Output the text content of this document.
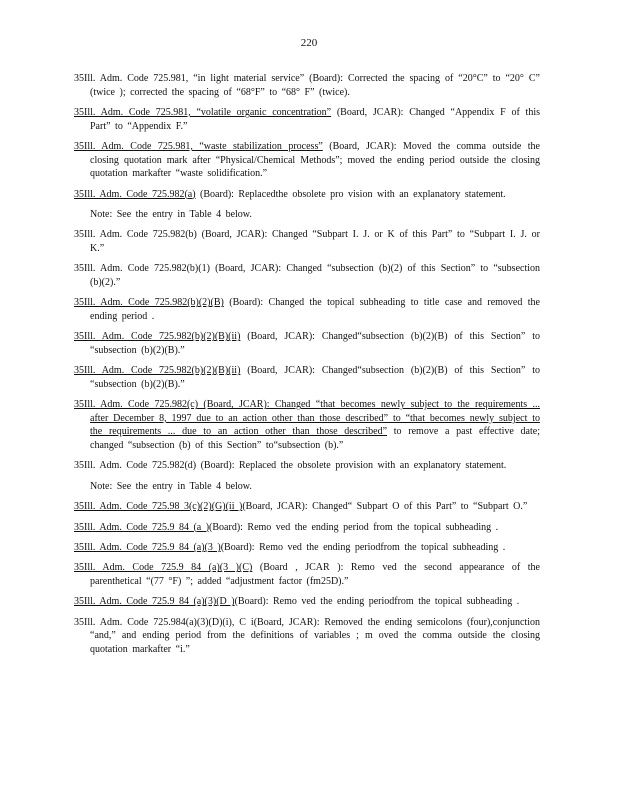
220
35Ill. Adm. Code 725.981, “in light material service” (Board): Corrected the spacing of “20°C” to “20° C” (twice ); corrected the spacing of “68°F” to “68° F” (twice).
35Ill. Adm. Code 725.981, “volatile organic concentration” (Board, JCAR): Changed “Appendix F of this Part” to “Appendix F.”
35Ill. Adm. Code 725.981, “waste stabilization process” (Board, JCAR): Moved the comma outside the closing quotation mark after “Physical/Chemical Methods”; moved the ending period outside the closing quotation markafter “waste solidification.”
35Ill. Adm. Code 725.982(a) (Board): Replacedthe obsolete pro vision with an explanatory statement.
Note: See the entry in Table 4 below.
35Ill. Adm. Code 725.982(b) (Board, JCAR): Changed “Subpart I. J. or K of this Part” to “Subpart I. J. or K.”
35Ill. Adm. Code 725.982(b)(1) (Board, JCAR): Changed “subsection (b)(2) of this Section” to “subsection (b)(2).”
35Ill. Adm. Code 725.982(b)(2)(B) (Board): Changed the topical subheading to title case and removed the ending period .
35Ill. Adm. Code 725.982(b)(2)(B)(ii) (Board, JCAR): Changed“subsection (b)(2)(B) of this Section” to “subsection (b)(2)(B).”
35Ill. Adm. Code 725.982(b)(2)(B)(ii) (Board, JCAR): Changed“subsection (b)(2)(B) of this Section” to “subsection (b)(2)(B).”
35Ill. Adm. Code 725.982(c) (Board, JCAR): Changed “that becomes newly subject to the requirements ... after December 8, 1997 due to an action other than those described” to “that becomes newly subject to the requirements ... due to an action other than those described” to remove a past effective date; changed “subsection (b) of this Section” to“subsection (b).”
35Ill. Adm. Code 725.982(d) (Board): Replaced the obsolete provision with an explanatory statement.
Note: See the entry in Table 4 below.
35Ill. Adm. Code 725.98 3(c)(2)(G)(ii )(Board, JCAR): Changed“ Subpart O of this Part” to “Subpart O.”
35Ill. Adm. Code 725.9 84 (a )(Board): Remo ved the ending period from the topical subheading .
35Ill. Adm. Code 725.9 84 (a)(3 )(Board): Remo ved the ending periodfrom the topical subheading .
35Ill. Adm. Code 725.9 84 (a)(3 )(C) (Board , JCAR ): Remo ved the second appearance of the parenthetical “(77 °F) ”; added “adjustment factor (fm25D).”
35Ill. Adm. Code 725.9 84 (a)(3)(D )(Board): Remo ved the ending periodfrom the topical subheading .
35Ill. Adm. Code 725.984(a)(3)(D)(i), C i(Board, JCAR): Removed the ending semicolons (four),conjunction “and,” and ending period from the definitions of variables ; m oved the comma outside the closing quotation markafter “i.”
